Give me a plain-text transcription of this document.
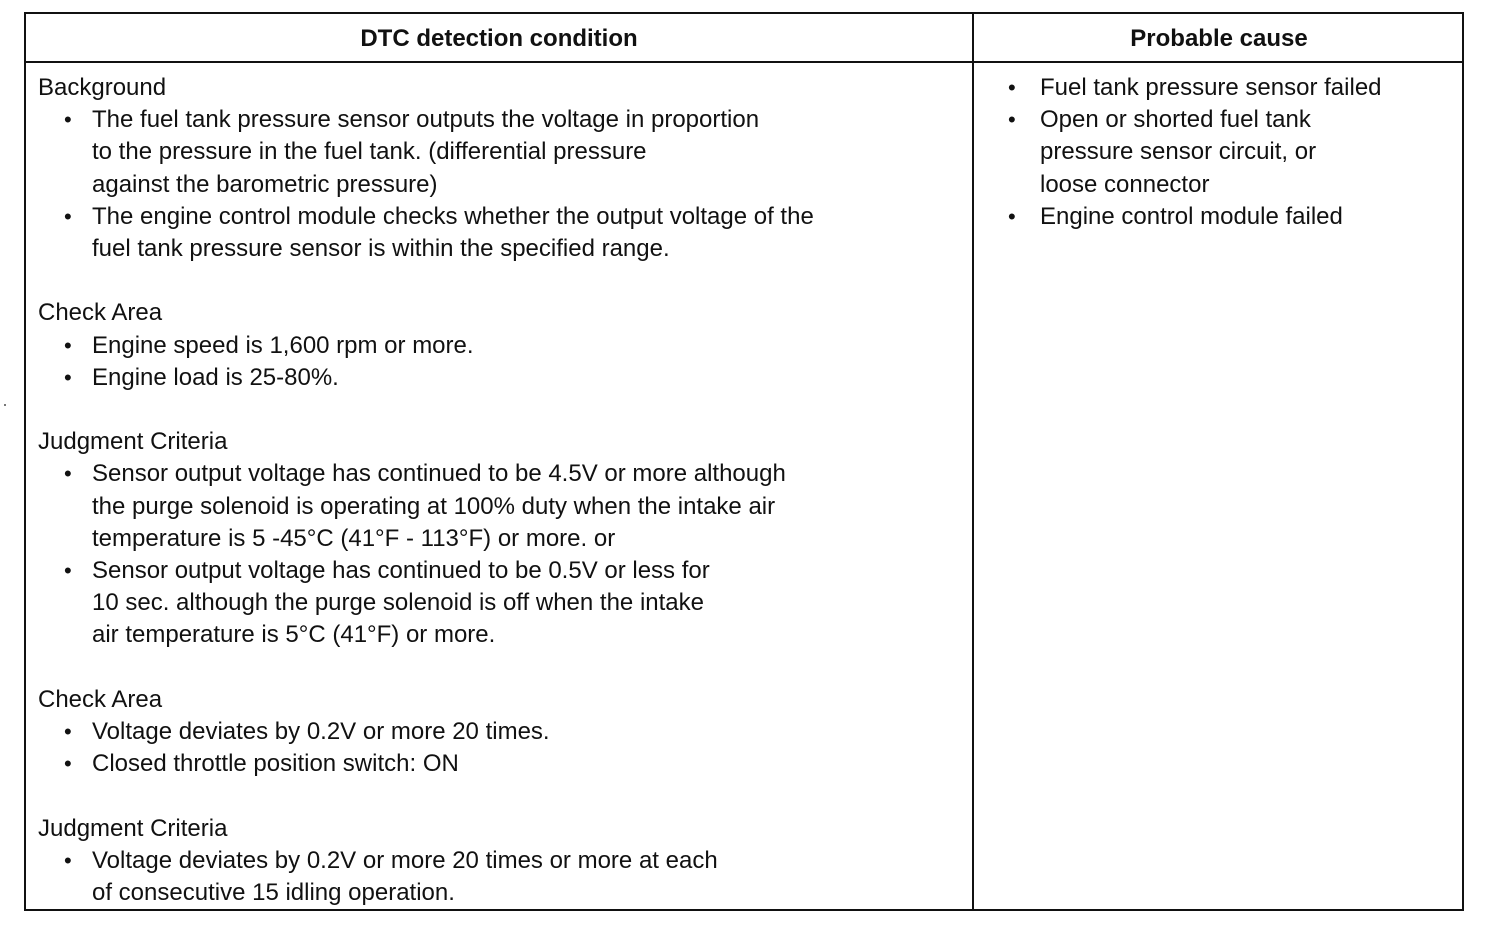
DTC detection condition	Probable cause
Background
• The fuel tank pressure sensor outputs the voltage in proportion
to the pressure in the fuel tank. (differential pressure
against the barometric pressure)
• The engine control module checks whether the output voltage of the
fuel tank pressure sensor is within the specified range.
Check Area
• Engine speed is 1,600 rpm or more.
• Engine load is 25-80%.
Judgment Criteria
• Sensor output voltage has continued to be 4.5V or more although
the purge solenoid is operating at 100% duty when the intake air
temperature is 5 -45°C (41°F - 113°F) or more. or
• Sensor output voltage has continued to be 0.5V or less for
10 sec. although the purge solenoid is off when the intake
air temperature is 5°C (41°F) or more.
Check Area
• Voltage deviates by 0.2V or more 20 times.
• Closed throttle position switch: ON
Judgment Criteria
• Voltage deviates by 0.2V or more 20 times or more at each
of consecutive 15 idling operation.
• Fuel tank pressure sensor failed
• Open or shorted fuel tank
pressure sensor circuit, or
loose connector
• Engine control module failed
